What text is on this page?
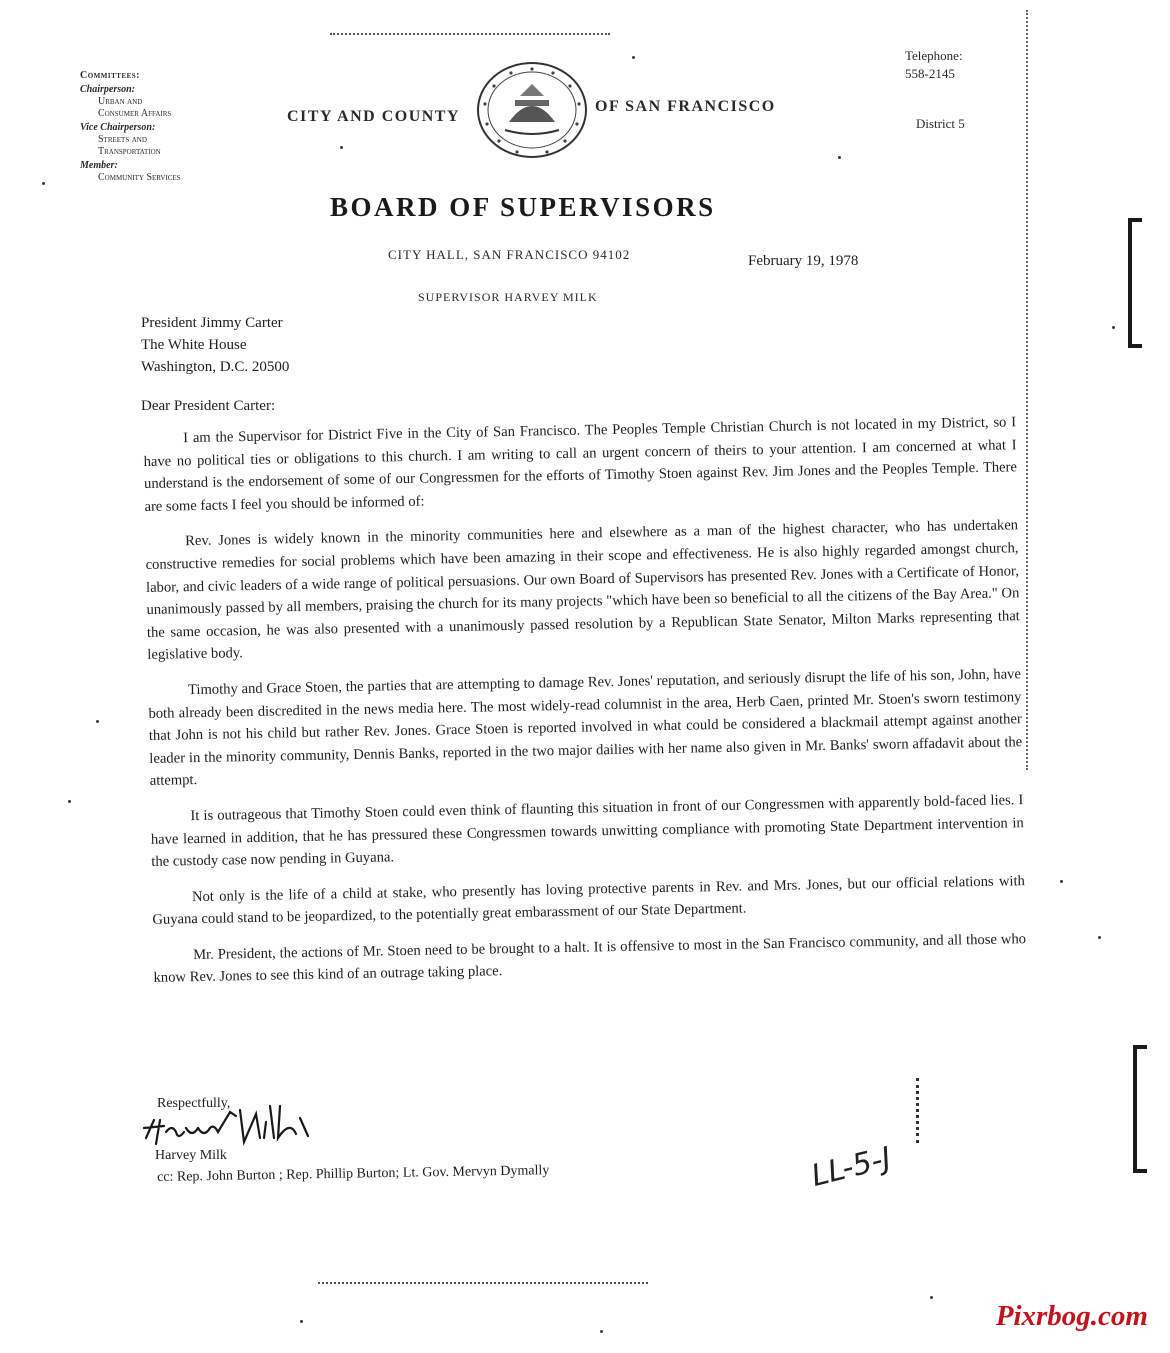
Committees:
Chairperson:
Urban and
Consumer Affairs
Vice Chairperson:
Streets and
Transportation
Member:
Community Services
CITY AND COUNTY
OF SAN FRANCISCO
Telephone:
558-2145
District 5
BOARD OF SUPERVISORS
CITY HALL, SAN FRANCISCO 94102	February 19, 1978
SUPERVISOR HARVEY MILK
President Jimmy Carter
The White House
Washington, D.C. 20500
Dear President Carter:

I am the Supervisor for District Five in the City of San Francisco. The Peoples Temple Christian Church is not located in my District, so I have no political ties or obligations to this church. I am writing to call an urgent concern of theirs to your attention. I am concerned at what I understand is the endorsement of some of our Congressmen for the efforts of Timothy Stoen against Rev. Jim Jones and the Peoples Temple. There are some facts I feel you should be informed of:

Rev. Jones is widely known in the minority communities here and elsewhere as a man of the highest character, who has undertaken constructive remedies for social problems which have been amazing in their scope and effectiveness. He is also highly regarded amongst church, labor, and civic leaders of a wide range of political persuasions. Our own Board of Supervisors has presented Rev. Jones with a Certificate of Honor, unanimously passed by all members, praising the church for its many projects "which have been so beneficial to all the citizens of the Bay Area." On the same occasion, he was also presented with a unanimously passed resolution by a Republican State Senator, Milton Marks representing that legislative body.

Timothy and Grace Stoen, the parties that are attempting to damage Rev. Jones' reputation, and seriously disrupt the life of his son, John, have both already been discredited in the news media here. The most widely-read columnist in the area, Herb Caen, printed Mr. Stoen's sworn testimony that John is not his child but rather Rev. Jones. Grace Stoen is reported involved in what could be considered a blackmail attempt against another leader in the minority community, Dennis Banks, reported in the two major dailies with her name also given in Mr. Banks' sworn affadavit about the attempt.

It is outrageous that Timothy Stoen could even think of flaunting this situation in front of our Congressmen with apparently bold-faced lies. I have learned in addition, that he has pressured these Congressmen towards unwitting compliance with promoting State Department intervention in the custody case now pending in Guyana.

Not only is the life of a child at stake, who presently has loving protective parents in Rev. and Mrs. Jones, but our official relations with Guyana could stand to be jeopardized, to the potentially great embarassment of our State Department.

Mr. President, the actions of Mr. Stoen need to be brought to a halt. It is offensive to most in the San Francisco community, and all those who know Rev. Jones to see this kind of an outrage taking place.

Respectfully,
Harvey Milk
cc: Rep. John Burton ; Rep. Phillip Burton; Lt. Gov. Mervyn Dymally	LL-5-J
Pixrbog.com
